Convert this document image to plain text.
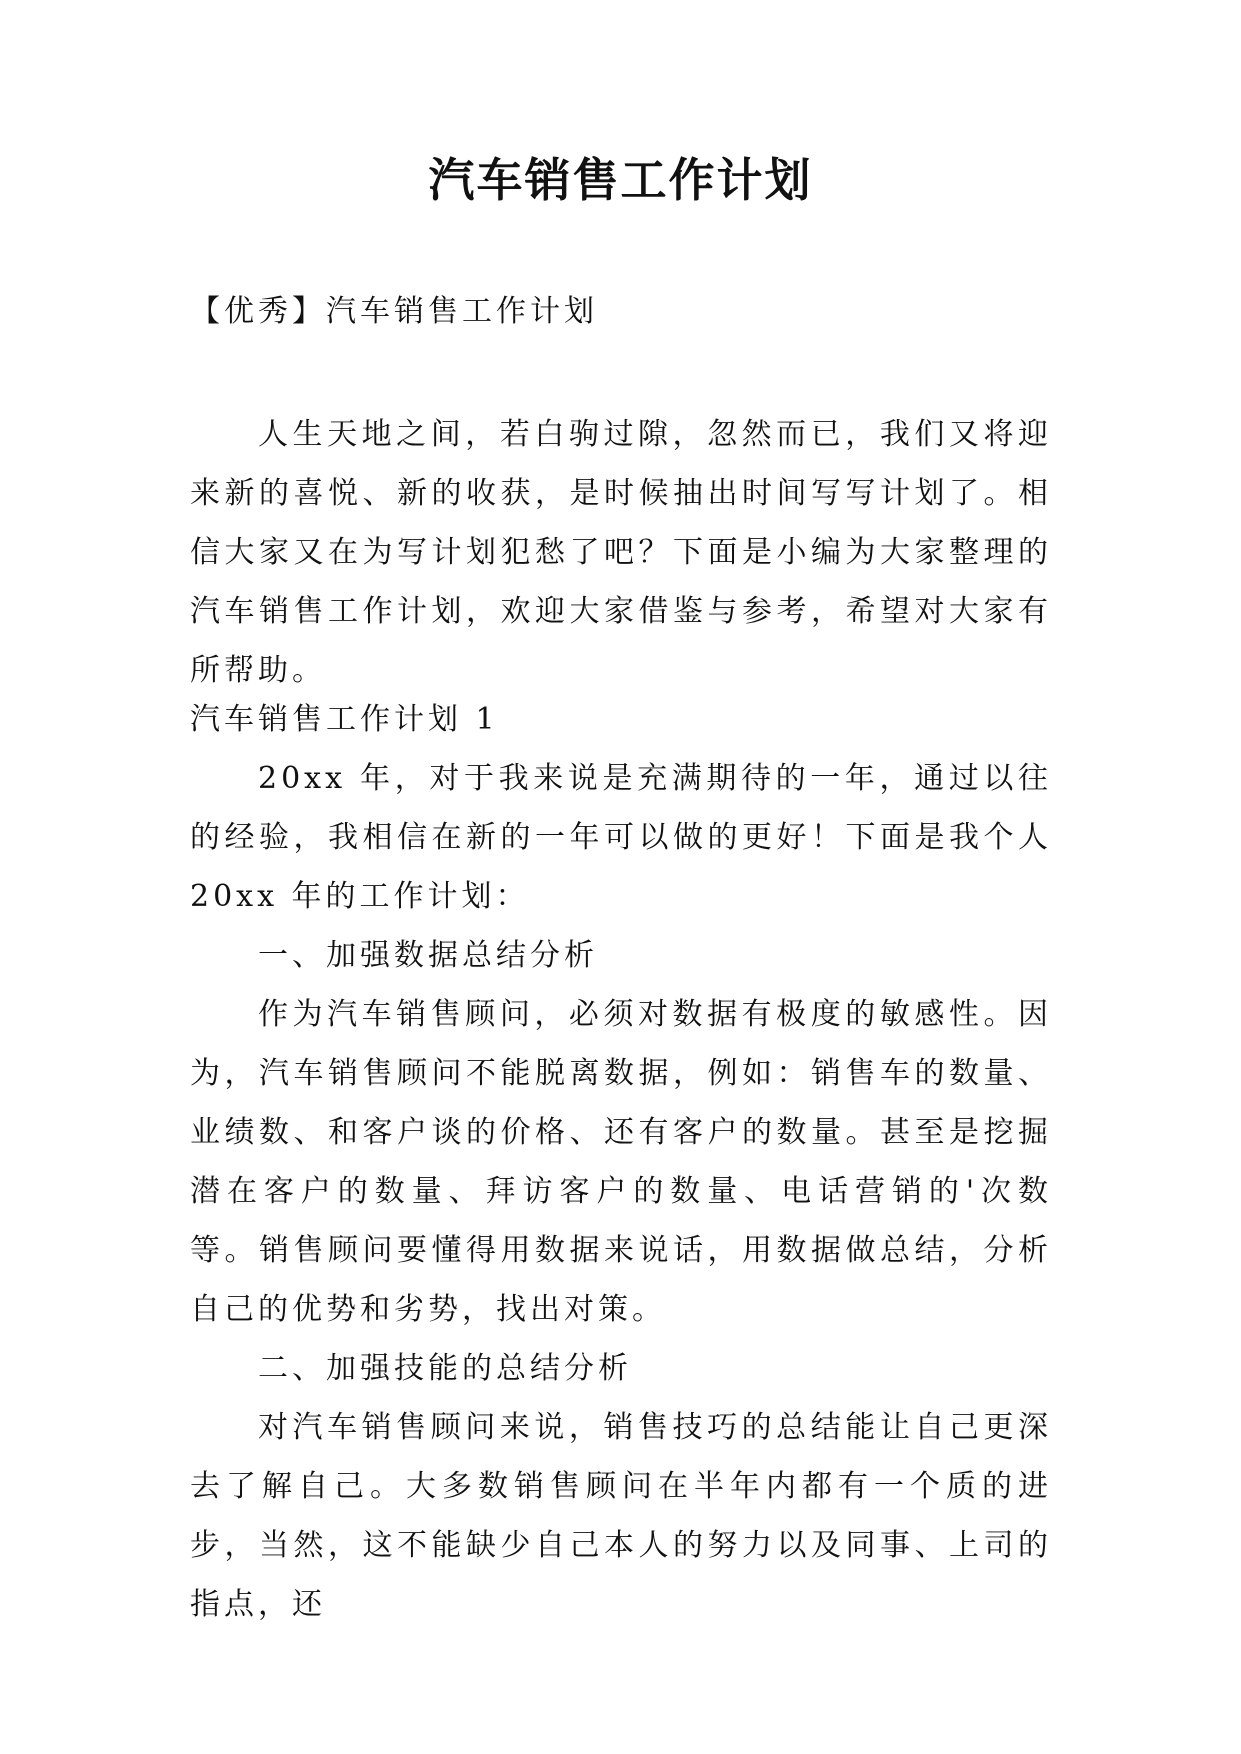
汽车销售工作计划
【优秀】汽车销售工作计划

人生天地之间，若白驹过隙，忽然而已，我们又将迎来新的喜悦、新的收获，是时候抽出时间写写计划了。相信大家又在为写计划犯愁了吧？下面是小编为大家整理的汽车销售工作计划，欢迎大家借鉴与参考，希望对大家有所帮助。

汽车销售工作计划 1

20xx 年，对于我来说是充满期待的一年，通过以往的经验，我相信在新的一年可以做的更好！下面是我个人 20xx 年的工作计划：

一、加强数据总结分析

作为汽车销售顾问，必须对数据有极度的敏感性。因为，汽车销售顾问不能脱离数据，例如：销售车的数量、业绩数、和客户谈的价格、还有客户的数量。甚至是挖掘潜在客户的数量、拜访客户的数量、电话营销的'次数等。销售顾问要懂得用数据来说话，用数据做总结，分析自己的优势和劣势，找出对策。

二、加强技能的总结分析

对汽车销售顾问来说，销售技巧的总结能让自己更深去了解自己。大多数销售顾问在半年内都有一个质的进步，当然，这不能缺少自己本人的努力以及同事、上司的指点，还
